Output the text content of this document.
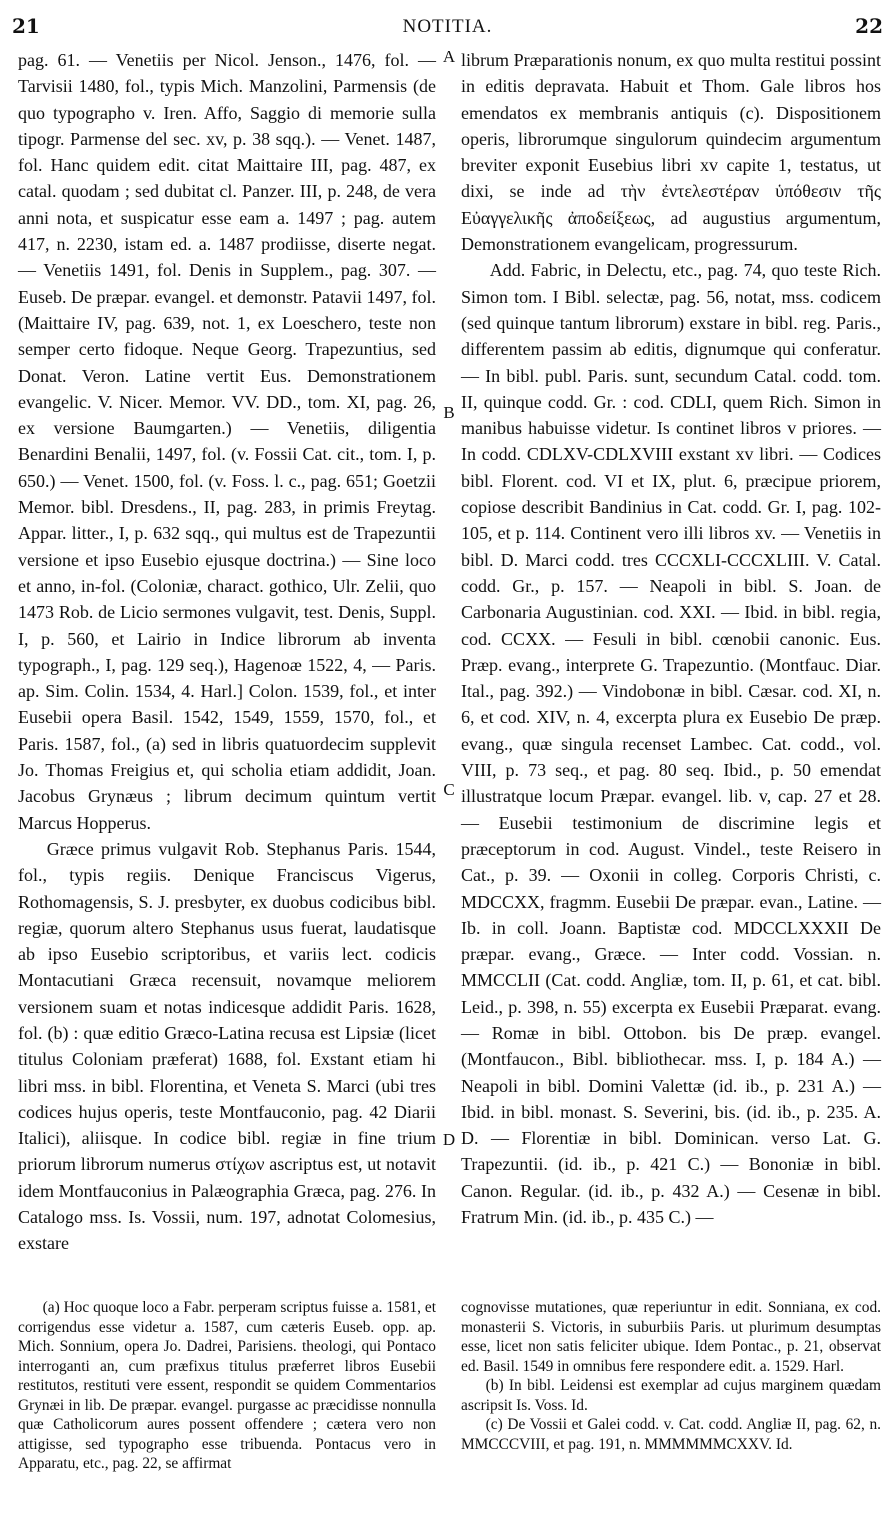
21	NOTITIA.	22

pag. 61. — Venetiis per Nicol. Jenson., 1476, fol. — Tarvisii 1480, fol., typis Mich. Manzolini, Parmensis (de quo typographo v. Iren. Affo, Saggio di memorie sulla tipogr. Parmense del sec. xv, p. 38 sqq.). — Venet. 1487, fol. Hanc quidem edit. citat Maittaire III, pag. 487, ex catal. quodam ; sed dubitat cl. Panzer. III, p. 248, de vera anni nota, et suspicatur esse eam a. 1497 ; pag. autem 417, n. 2230, istam ed. a. 1487 prodiisse, diserte negat. — Venetiis 1491, fol. Denis in Supplem., pag. 307. — Euseb. De præpar. evangel. et demonstr. Patavii 1497, fol. (Maittaire IV, pag. 639, not. 1, ex Loeschero, teste non semper certo fidoque. Neque Georg. Trapezuntius, sed Donat. Veron. Latine vertit Eus. Demonstrationem evangelic. V. Nicer. Memor. VV. DD., tom. XI, pag. 26, ex versione Baumgarten.) — Venetiis, diligentia Benardini Benalii, 1497, fol. (v. Fossii Cat. cit., tom. I, p. 650.) — Venet. 1500, fol. (v. Foss. l. c., pag. 651; Goetzii Memor. bibl. Dresdens., II, pag. 283, in primis Freytag. Appar. litter., I, p. 632 sqq., qui multus est de Trapezuntii versione et ipso Eusebio ejusque doctrina.) — Sine loco et anno, in-fol. (Coloniæ, charact. gothico, Ulr. Zelii, quo 1473 Rob. de Licio sermones vulgavit, test. Denis, Suppl. I, p. 560, et Lairio in Indice librorum ab inventa typograph., I, pag. 129 seq.), Hagenoæ 1522, 4, — Paris. ap. Sim. Colin. 1534, 4. Harl.] Colon. 1539, fol., et inter Eusebii opera Basil. 1542, 1549, 1559, 1570, fol., et Paris. 1587, fol., (a) sed in libris quatuordecim supplevit Jo. Thomas Freigius et, qui scholia etiam addidit, Joan. Jacobus Grynæus ; librum decimum quintum vertit Marcus Hopperus.

Græce primus vulgavit Rob. Stephanus Paris. 1544, fol., typis regiis. Denique Franciscus Vigerus, Rothomagensis, S. J. presbyter, ex duobus codicibus bibl. regiæ, quorum altero Stephanus usus fuerat, laudatisque ab ipso Eusebio scriptoribus, et variis lect. codicis Montacutiani Græca recensuit, novamque meliorem versionem suam et notas indicesque addidit Paris. 1628, fol. (b) : quæ editio Græco-Latina recusa est Lipsiæ (licet titulus Coloniam præferat) 1688, fol. Exstant etiam hi libri mss. in bibl. Florentina, et Veneta S. Marci (ubi tres codices hujus operis, teste Montfauconio, pag. 42 Diarii Italici), aliisque. In codice bibl. regiæ in fine trium priorum librorum numerus στίχων ascriptus est, ut notavit idem Montfauconius in Palæographia Græca, pag. 276. In Catalogo mss. Is. Vossii, num. 197, adnotat Colomesius, exstare

A
B
C
D

librum Præparationis nonum, ex quo multa restitui possint in editis depravata. Habuit et Thom. Gale libros hos emendatos ex membranis antiquis (c). Dispositionem operis, librorumque singulorum quindecim argumentum breviter exponit Eusebius libri xv capite 1, testatus, ut dixi, se inde ad τὴν ἐντελεστέραν ὑπόθεσιν τῆς Εὐαγγελικῆς ἀποδείξεως, ad augustius argumentum, Demonstrationem evangelicam, progressurum.

Add. Fabric, in Delectu, etc., pag. 74, quo teste Rich. Simon tom. I Bibl. selectæ, pag. 56, notat, mss. codicem (sed quinque tantum librorum) exstare in bibl. reg. Paris., differentem passim ab editis, dignumque qui conferatur. — In bibl. publ. Paris. sunt, secundum Catal. codd. tom. II, quinque codd. Gr. : cod. CDLI, quem Rich. Simon in manibus habuisse videtur. Is continet libros v priores. — In codd. CDLXV-CDLXVIII exstant xv libri. — Codices bibl. Florent. cod. VI et IX, plut. 6, præcipue priorem, copiose describit Bandinius in Cat. codd. Gr. I, pag. 102-105, et p. 114. Continent vero illi libros xv. — Venetiis in bibl. D. Marci codd. tres CCCXLI-CCCXLIII. V. Catal. codd. Gr., p. 157. — Neapoli in bibl. S. Joan. de Carbonaria Augustinian. cod. XXI. — Ibid. in bibl. regia, cod. CCXX. — Fesuli in bibl. cœnobii canonic. Eus. Præp. evang., interprete G. Trapezuntio. (Montfauc. Diar. Ital., pag. 392.) — Vindobonæ in bibl. Cæsar. cod. XI, n. 6, et cod. XIV, n. 4, excerpta plura ex Eusebio De præp. evang., quæ singula recenset Lambec. Cat. codd., vol. VIII, p. 73 seq., et pag. 80 seq. Ibid., p. 50 emendat illustratque locum Præpar. evangel. lib. v, cap. 27 et 28. — Eusebii testimonium de discrimine legis et præceptorum in cod. August. Vindel., teste Reisero in Cat., p. 39. — Oxonii in colleg. Corporis Christi, c. MDCCXX, fragmm. Eusebii De præpar. evan., Latine. — Ib. in coll. Joann. Baptistæ cod. MDCCLXXXII De præpar. evang., Græce. — Inter codd. Vossian. n. MMCCLII (Cat. codd. Angliæ, tom. II, p. 61, et cat. bibl. Leid., p. 398, n. 55) excerpta ex Eusebii Præparat. evang. — Romæ in bibl. Ottobon. bis De præp. evangel. (Montfaucon., Bibl. bibliothecar. mss. I, p. 184 A.) — Neapoli in bibl. Domini Valettæ (id. ib., p. 231 A.) — Ibid. in bibl. monast. S. Severini, bis. (id. ib., p. 235. A. D. — Florentiæ in bibl. Dominican. verso Lat. G. Trapezuntii. (id. ib., p. 421 C.) — Bononiæ in bibl. Canon. Regular. (id. ib., p. 432 A.) — Cesenæ in bibl. Fratrum Min. (id. ib., p. 435 C.) —

(a) Hoc quoque loco a Fabr. perperam scriptus fuisse a. 1581, et corrigendus esse videtur a. 1587, cum cæteris Euseb. opp. ap. Mich. Sonnium, opera Jo. Dadrei, Parisiens. theologi, qui Pontaco interroganti an, cum præfixus titulus præferret libros Eusebii restitutos, restituti vere essent, respondit se quidem Commentarios Grynæi in lib. De præpar. evangel. purgasse ac præcidisse nonnulla quæ Catholicorum aures possent offendere ; cætera vero non attigisse, sed typographo esse tribuenda. Pontacus vero in Apparatu, etc., pag. 22, se affirmat

cognovisse mutationes, quæ reperiuntur in edit. Sonniana, ex cod. monasterii S. Victoris, in suburbiis Paris. ut plurimum desumptas esse, licet non satis feliciter ubique. Idem Pontac., p. 21, observat ed. Basil. 1549 in omnibus fere respondere edit. a. 1529. Harl.

(b) In bibl. Leidensi est exemplar ad cujus marginem quædam ascripsit Is. Voss. Id.

(c) De Vossii et Galei codd. v. Cat. codd. Angliæ II, pag. 62, n. MMCCCVIII, et pag. 191, n. MMMMMMCXXV. Id.
